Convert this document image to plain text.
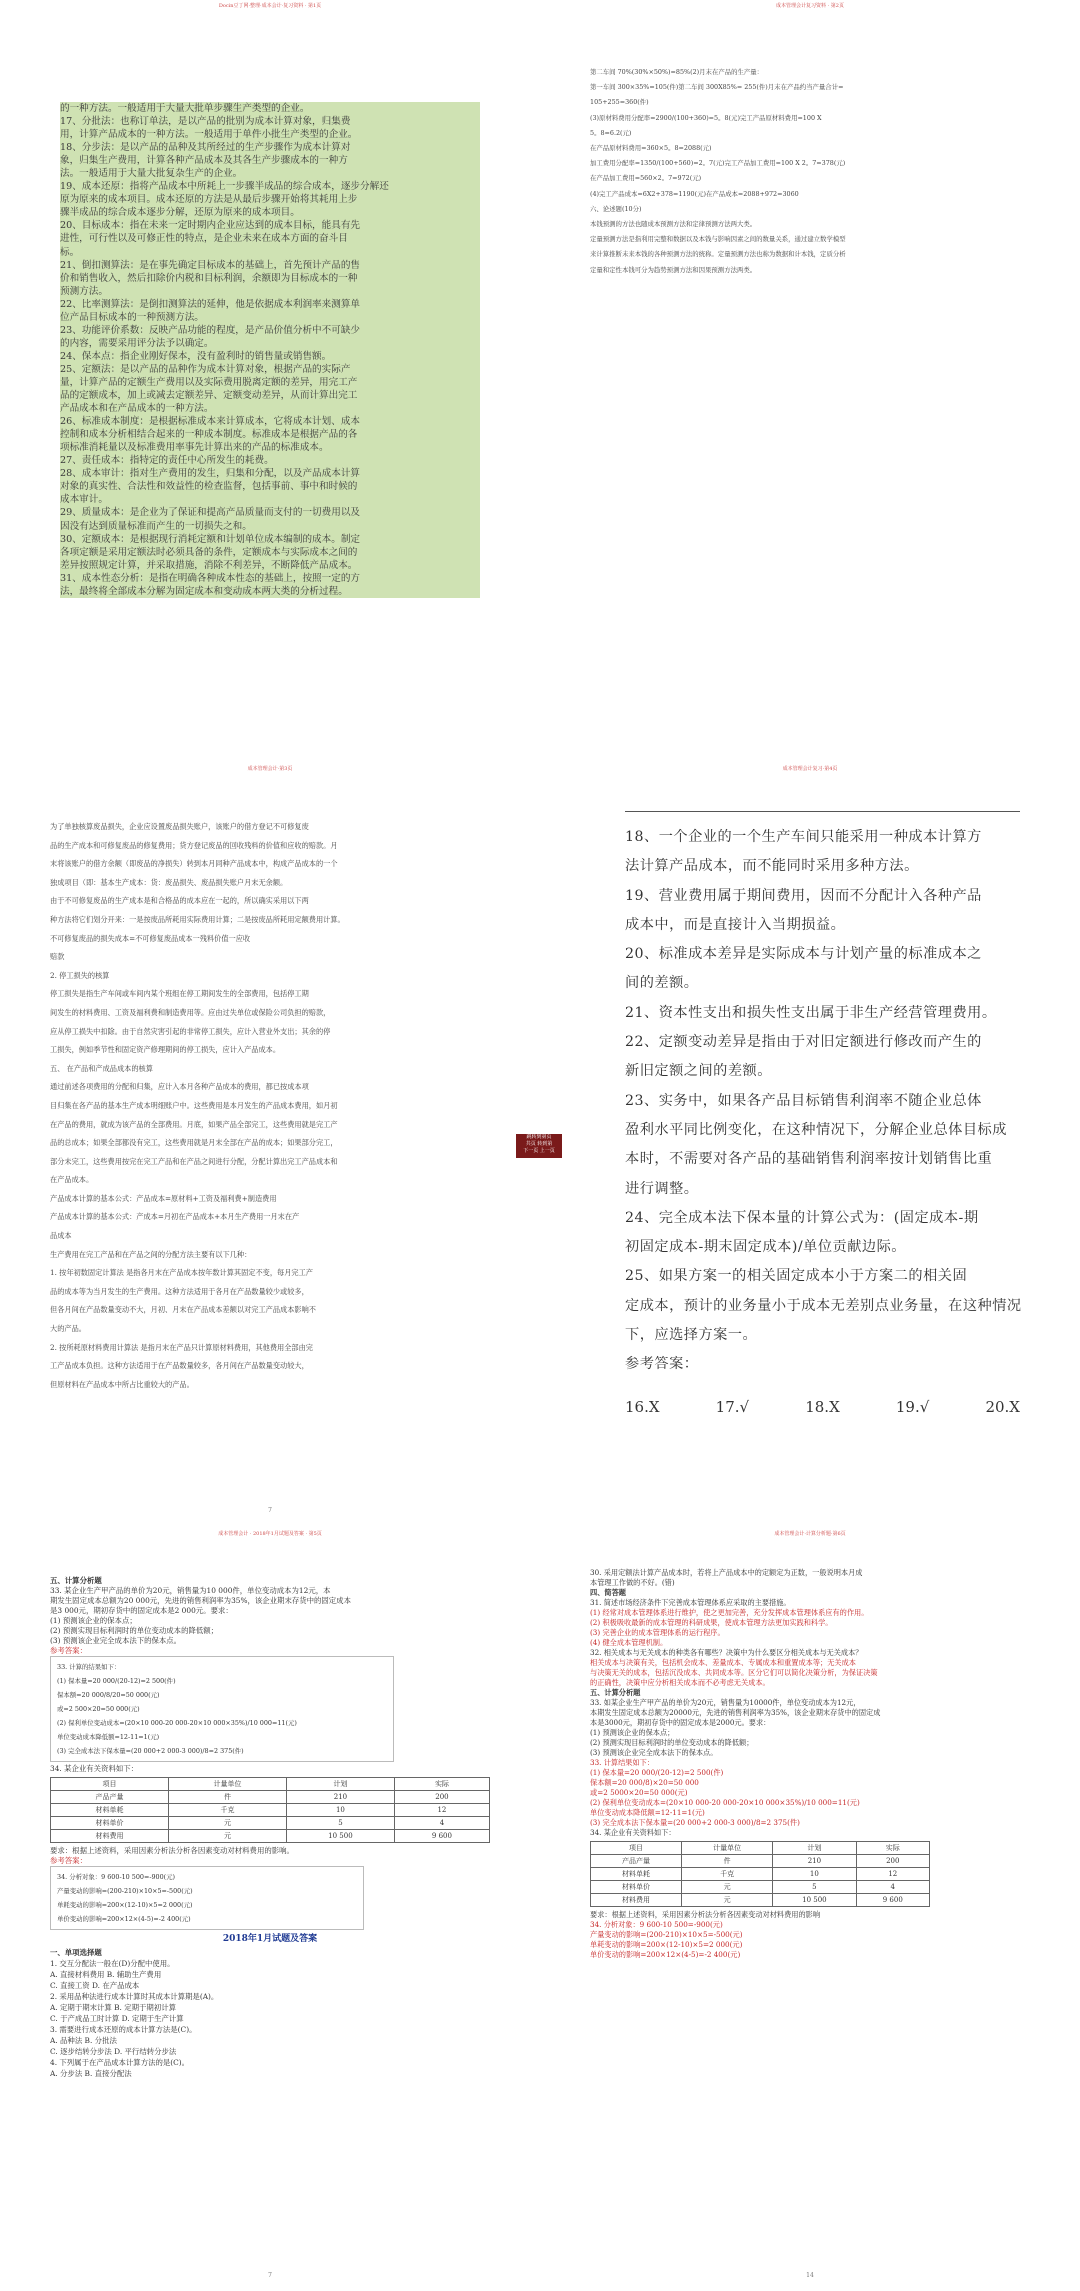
Docin豆丁网·整理·成本会计·复习资料 · 第1页
的一种方法。一般适用于大量大批单步骤生产类型的企业。
17、分批法：也称订单法，是以产品的批别为成本计算对象，归集费
用，计算产品成本的一种方法。一般适用于单件小批生产类型的企业。
18、分步法：是以产品的品种及其所经过的生产步骤作为成本计算对
象，归集生产费用，计算各种产品成本及其各生产步骤成本的一种方
法。一般适用于大量大批复杂生产的企业。
19、成本还原：指将产品成本中所耗上一步骤半成品的综合成本，逐步分解还
原为原来的成本项目。成本还原的方法是从最后步骤开始将其耗用上步
骤半成品的综合成本逐步分解，还原为原来的成本项目。
20、目标成本：指在未来一定时期内企业应达到的成本目标，能具有先
进性，可行性以及可修正性的特点，是企业未来在成本方面的奋斗目
标。
21、倒扣测算法：是在事先确定目标成本的基础上，首先预计产品的售
价和销售收入，然后扣除价内税和目标利润，余额即为目标成本的一种
预测方法。
22、比率测算法：是倒扣测算法的延伸，他是依据成本利润率来测算单
位产品目标成本的一种预测方法。
23、功能评价系数：反映产品功能的程度，是产品价值分析中不可缺少
的内容，需要采用评分法予以确定。
24、保本点：指企业刚好保本，没有盈利时的销售量或销售额。
25、定额法：是以产品的品种作为成本计算对象，根据产品的实际产
量，计算产品的定额生产费用以及实际费用脱离定额的差异，用完工产
品的定额成本，加上或减去定额差异、定额变动差异，从而计算出完工
产品成本和在产品成本的一种方法。
26、标准成本制度：是根据标准成本来计算成本，它将成本计划、成本
控制和成本分析相结合起来的一种成本制度。标准成本是根据产品的各
项标准消耗量以及标准费用率事先计算出来的产品的标准成本。
27、责任成本：指特定的责任中心所发生的耗费。
28、成本审计：指对生产费用的发生，归集和分配，以及产品成本计算
对象的真实性、合法性和效益性的检查监督，包括事前、事中和时候的
成本审计。
29、质量成本：是企业为了保证和提高产品质量而支付的一切费用以及
因没有达到质量标准而产生的一切损失之和。
30、定额成本：是根据现行消耗定额和计划单位成本编制的成本。制定
各项定额是采用定额法时必须具备的条件，定额成本与实际成本之间的
差异按照规定计算，并采取措施，消除不利差异，不断降低产品成本。
31、成本性态分析：是指在明确各种成本性态的基础上，按照一定的方
法，最终将全部成本分解为固定成本和变动成本两大类的分析过程。
成本管理会计复习资料 · 第2页
第二车间 70%(30%×50%)=85%(2)月末在产品的生产量：
第一车间 300×35%=105(件)第二车间 300X85%= 255(件)月末在产品约当产量合计=
105+255=360(件)
(3)原材料费用分配率=2900/(100+360)=5。8(元)完工产品原材料费用=100 X
5。8=6.2(元)
在产品原材料费用=360×5。8=2088(元)
加工费用分配率=1350/(100+560)=2。7(元)完工产品加工费用=100 X 2。7=378(元)
在产品加工费用=560×2。7=972(元)
(4)完工产品成本=6X2+378=1190(元)在产品成本=2088+972=3060
六、论述题(10分)
本钱预测的方法也随成本预测方法和定律预测方法两大类。
定量预测方法是指利用完整和数据以及本钱与影响因素之间的数量关系，通过建立数学模型
来计算推断未来本钱的各种预测方法的统称。定量预测方法也称为数据和计本钱，定质分析
定量和定性本钱可分为趋势预测方法和因果预测方法两类。
成本管理会计·第3页
为了单独核算废品损失，企业应设置废品损失账户，该账户的借方登记不可修复废
品的生产成本和可修复废品的修复费用；贷方登记废品的回收残料的价值和应收的赔款。月
末将该账户的借方余额（即废品的净损失）转到本月同种产品成本中，构成产品成本的一个
独成项目（即：基本生产成本：货：废品损失、废品损失账户月末无余额。
由于不可修复废品的生产成本是和合格品的成本应在一起的，所以确实采用以下两
种方法将它们划分开来：一是按废品所耗用实际费用计算；二是按废品所耗用定额费用计算。
不可修复废品的损失成本=不可修复废品成本一残料价值一应收
赔款
2. 停工损失的核算
停工损失是指生产车间或车间内某个班组在停工期间发生的全部费用，包括停工期
间发生的材料费用、工资及福利费和制造费用等。应由过失单位或保险公司负担的赔款，
应从停工损失中扣除。由于自然灾害引起的非常停工损失，应计入营业外支出；其余的停
工损失，例如季节性和固定资产修理期间的停工损失，应计入产品成本。
五、 在产品和产成品成本的核算
通过前述各项费用的分配和归集，应计入本月各种产品成本的费用，都已按成本项
目归集在各产品的基本生产成本明细账户中。这些费用是本月发生的产品成本费用，如月初
在产品的费用，就成为该产品的全部费用。月底，如果产品全部完工，这些费用就是完工产
品的总成本；如果全部都没有完工，这些费用就是月末全部在产品的成本；如果部分完工，
部分未完工，这些费用按完在完工产品和在产品之间进行分配，分配计算出完工产品成本和
在产品成本。
产品成本计算的基本公式：产品成本=原材料+工资及福利费+制造费用
产品成本计算的基本公式：产成本=月初在产品成本+本月生产费用一月末在产
品成本
生产费用在完工产品和在产品之间的分配方法主要有以下几种：
1. 按年初数固定计算法 是指各月末在产品成本按年数计算其固定不变，每月完工产
品的成本等为当月发生的生产费用。这种方法适用于各月在产品数量较少或较多，
但各月间在产品数量变动不大，月初、月末在产品成本差额以对完工产品成本影响不
大的产品。
2. 按所耗原材料费用计算法 是指月末在产品只计算原材料费用，其他费用全部由完
工产品成本负担。这种方法适用于在产品数量较多，各月间在产品数量变动较大，
但原材料在产品成本中所占比重较大的产品。
7
成本管理会计复习·第4页
18、一个企业的一个生产车间只能采用一种成本计算方
法计算产品成本，而不能同时采用多种方法。
19、营业费用属于期间费用，因而不分配计入各种产品
成本中，而是直接计入当期损益。
20、标准成本差异是实际成本与计划产量的标准成本之
间的差额。
21、资本性支出和损失性支出属于非生产经营管理费用。
22、定额变动差异是指由于对旧定额进行修改而产生的
新旧定额之间的差额。
23、实务中，如果各产品目标销售利润率不随企业总体
盈利水平同比例变化，在这种情况下，分解企业总体目标成
本时，不需要对各产品的基础销售利润率按计划销售比重
进行调整。
24、完全成本法下保本量的计算公式为：(固定成本-期
初固定成本-期末固定成本)/单位贡献边际。
25、如果方案一的相关固定成本小于方案二的相关固
定成本，预计的业务量小于成本无差别点业务量，在这种情况
下，应选择方案一。
参考答案：
16.X	17.√	18.X	19.√	20.X
跳转到第页
共页 转到第
下一页 上一页
成本管理会计 · 2018年1月试题及答案 · 第5页
五、计算分析题
33. 某企业生产甲产品的单价为20元，销售量为10 000件，单位变动成本为12元，本
期发生固定成本总额为20 000元，先进的销售利润率为35%，该企业期末存货中的固定成本
是3 000元，期初存货中的固定成本是2 000元。要求：
(1) 预测该企业的保本点；
(2) 预测实现目标利润时的单位变动成本的降低额；
(3) 预测该企业完全成本法下的保本点。
参考答案：
33. 计算的结果如下：
(1) 保本量=20 000/(20-12)=2 500(件)
保本额=20 000/8/20=50 000(元)
或=2 500×20=50 000(元)
(2) 保利单位变动成本=(20×10 000-20 000-20×10 000×35%)/10 000=11(元)
单位变动成本降低额=12-11=1(元)
(3) 完全成本法下保本量=(20 000+2 000-3 000)/8=2 375(件)
34. 某企业有关资料如下：
项目	计量单位	计划	实际
产品产量	件	210	200
材料单耗	千克	10	12
材料单价	元	5	4
材料费用	元	10 500	9 600
要求：根据上述资料，采用因素分析法分析各因素变动对材料费用的影响。
参考答案：
34. 分析对象：9 600-10 500=-900(元)
产量变动的影响=(200-210)×10×5=-500(元)
单耗变动的影响=200×(12-10)×5=2 000(元)
单价变动的影响=200×12×(4-5)=-2 400(元)
2018年1月试题及答案
一、单项选择题
1. 交互分配法一般在(D)分配中使用。
A. 直接材料费用 B. 辅助生产费用
C. 直接工资 D. 在产品成本
2. 采用品种法进行成本计算时其成本计算期是(A)。
A. 定期于期末计算 B. 定期于期初计算
C. 于产成品工时计算 D. 定期于生产计算
3. 需要进行成本还原的成本计算方法是(C)。
A. 品种法 B. 分批法
C. 逐步结转分步法 D. 平行结转分步法
4. 下列属于在产品成本计算方法的是(C)。
A. 分步法 B. 直接分配法
7
成本管理会计·计算分析题·第6页
30. 采用定额法计算产品成本时，若将上产品成本中的定额定为正数，一般说明本月成
本管理工作做的不好。(错)
四、简答题
31. 简述市场经济条件下完善成本管理体系应采取的主要措施。
(1) 经常对成本管理体系进行维护，使之更加完善，充分发挥成本管理体系应有的作用。
(2) 积极吸收最新的成本管理的科研成果，使成本管理方法更加实践和科学。
(3) 完善企业的成本管理体系的运行程序。
(4) 健全成本管理机制。
32. 相关成本与无关成本的种类各有哪些？决策中为什么要区分相关成本与无关成本？
相关成本与决策有关，包括机会成本、差量成本、专属成本和重置成本等；无关成本
与决策无关的成本，包括沉没成本、共同成本等。区分它们可以简化决策分析，为保证决策
的正确性，决策中应分析相关成本而不必考虑无关成本。
五、计算分析题
33. 如某企业生产甲产品的单价为20元，销售量为10000件，单位变动成本为12元，
本期发生固定成本总额为20000元，先进的销售利润率为35%，该企业期末存货中的固定成
本是3000元，期初存货中的固定成本是2000元。要求：
(1) 预测该企业的保本点；
(2) 预测实现目标利润时的单位变动成本的降低额；
(3) 预测该企业完全成本法下的保本点。
33. 计算结果如下：
(1) 保本量=20 000/(20-12)=2 500(件)
保本额=20 000/8)×20=50 000
或=2 5000×20=50 000(元)
(2) 保利单位变动成本=(20×10 000-20 000-20×10 000×35%)/10 000=11(元)
单位变动成本降低额=12-11=1(元)
(3) 完全成本法下保本量=(20 000+2 000-3 000)/8=2 375(件)
34. 某企业有关资料如下：
项目	计量单位	计划	实际
产品产量	件	210	200
材料单耗	千克	10	12
材料单价	元	5	4
材料费用	元	10 500	9 600
要求：根据上述资料，采用因素分析法分析各因素变动对材料费用的影响
34. 分析对象：9 600-10 500=-900(元)
产量变动的影响=(200-210)×10×5=-500(元)
单耗变动的影响=200×(12-10)×5=2 000(元)
单价变动的影响=200×12×(4-5)=-2 400(元)
14
